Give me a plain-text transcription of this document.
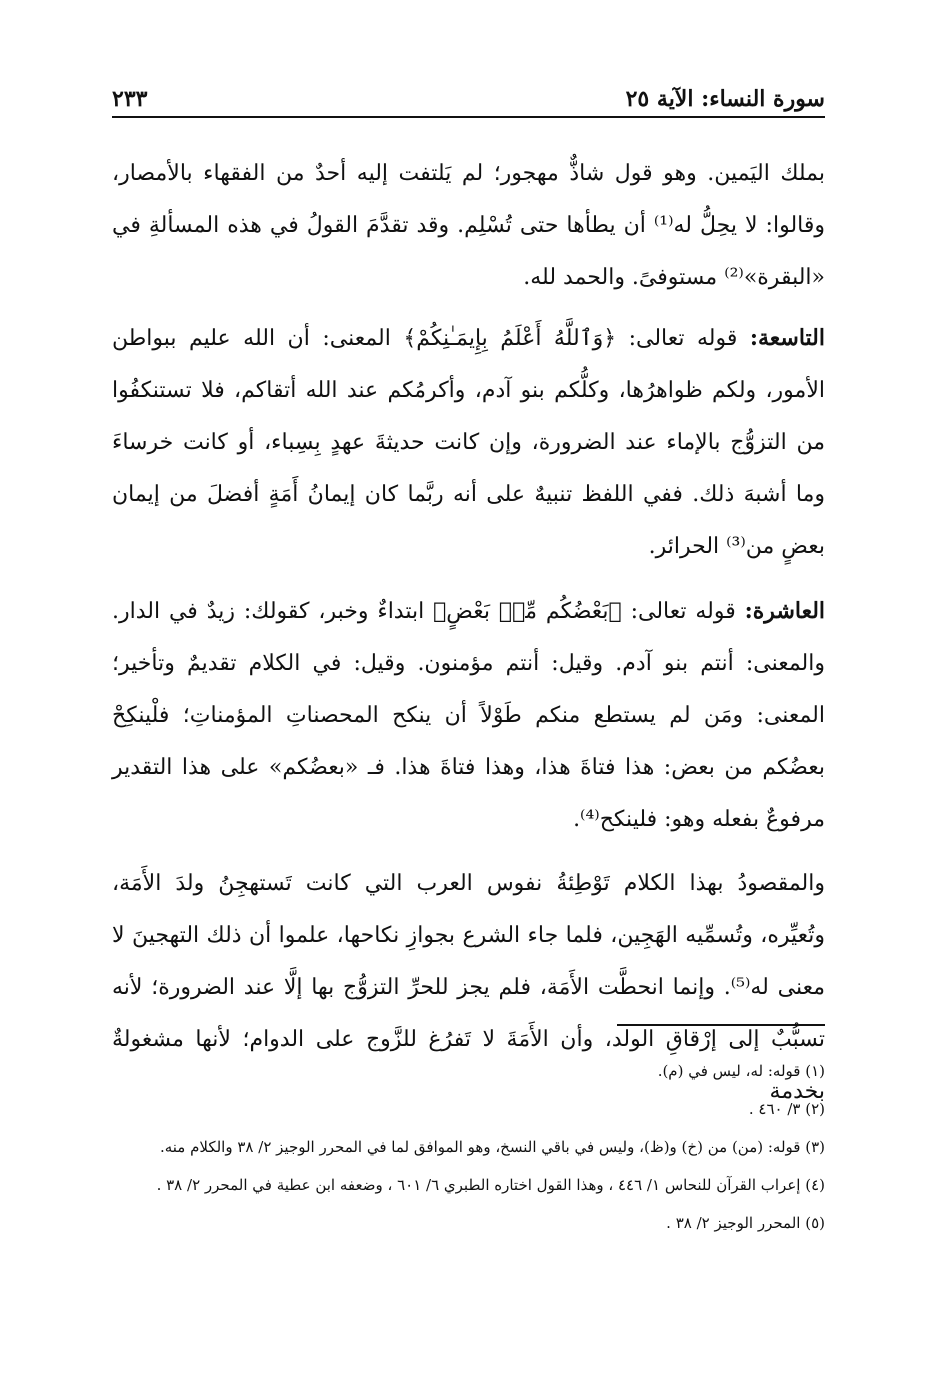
٢٣٣	سورة النساء: الآية ٢٥

بملك اليَمين. وهو قول شاذٌّ مهجور؛ لم يَلتفت إليه أحدٌ من الفقهاء بالأمصار، وقالوا: لا يحِلُّ له⁽¹⁾ أن يطأها حتى تُسْلِم. وقد تقدَّمَ القولُ في هذه المسألةِ في «البقرة»⁽²⁾ مستوفىً. والحمد لله.

التاسعة: قوله تعالى: ﴿وَٱللَّهُ أَعْلَمُ بِإِيمَـٰنِكُمْ﴾ المعنى: أن الله عليم ببواطن الأمور، ولكم ظواهرُها، وكلُّكم بنو آدم، وأكرمُكم عند الله أتقاكم، فلا تستنكفُوا من التزوُّج بالإماء عند الضرورة، وإن كانت حديثةَ عهدٍ بِسِباء، أو كانت خرساءَ وما أشبهَ ذلك. ففي اللفظ تنبيهٌ على أنه ربَّما كان إيمانُ أَمَةٍ أفضلَ من إيمان بعضٍ من⁽³⁾ الحرائر.

العاشرة: قوله تعالى: ﴿بَعْضُكُم مِّنۢ بَعْضٍ﴾ ابتداءٌ وخبر، كقولك: زيدٌ في الدار. والمعنى: أنتم بنو آدم. وقيل: أنتم مؤمنون. وقيل: في الكلام تقديمٌ وتأخير؛ المعنى: ومَن لم يستطع منكم طَوْلاً أن ينكح المحصناتِ المؤمناتِ؛ فلْينكِحْ بعضُكم من بعض: هذا فتاةَ هذا، وهذا فتاةَ هذا. فـ «بعضُكم» على هذا التقدير مرفوعٌ بفعله وهو: فلينكح⁽⁴⁾.

والمقصودُ بهذا الكلام تَوْطِئةُ نفوس العرب التي كانت تَستهجِنُ ولدَ الأَمَة، وتُعيِّره، وتُسمِّيه الهَجِين، فلما جاء الشرع بجوازِ نكاحها، علموا أن ذلك التهجينَ لا معنى له⁽⁵⁾. وإنما انحطَّت الأَمَة، فلم يجز للحرِّ التزوُّج بها إلَّا عند الضرورة؛ لأنه تسبُّبٌ إلى إرْقاقِ الولد، وأن الأَمَةَ لا تَفرُغ للزَّوج على الدوام؛ لأنها مشغولةٌ بخدمة

(١) قوله: له، ليس في (م).

(٢) ٣/ ٤٦٠ .

(٣) قوله: (من) من (خ) و(ظ)، وليس في باقي النسخ، وهو الموافق لما في المحرر الوجيز ٢/ ٣٨ والكلام منه.

(٤) إعراب القرآن للنحاس ١/ ٤٤٦ ، وهذا القول اختاره الطبري ٦/ ٦٠١ ، وضعفه ابن عطية في المحرر ٢/ ٣٨ .

(٥) المحرر الوجيز ٢/ ٣٨ .
